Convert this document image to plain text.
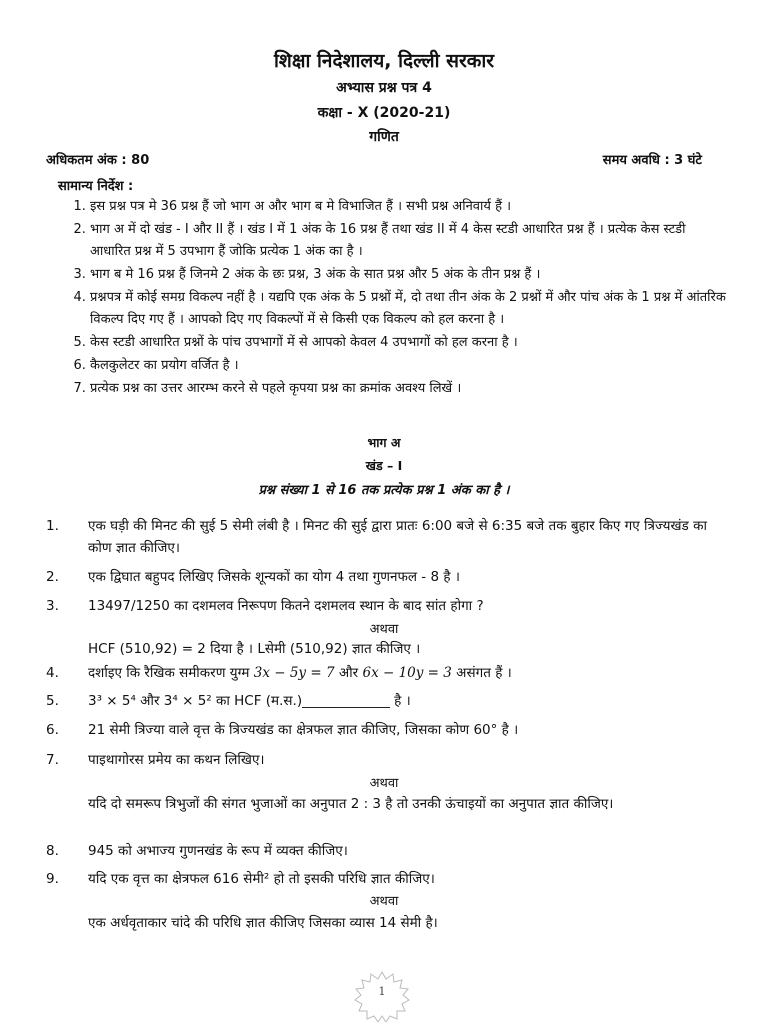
शिक्षा निदेशालय, दिल्ली सरकार
अभ्यास प्रश्न पत्र 4
कक्षा - X (2020-21)
गणित
अधिकतम अंक : 80	समय अवधि : 3 घंटे
सामान्य निर्देश :
1. इस प्रश्न पत्र मे 36 प्रश्न हैं जो भाग अ और भाग ब मे विभाजित हैं । सभी प्रश्न अनिवार्य हैं ।
2. भाग अ में दो खंड - I और II हैं । खंड I में 1 अंक के 16 प्रश्न हैं तथा खंड II में 4 केस स्टडी आधारित प्रश्न हैं । प्रत्येक केस स्टडी आधारित प्रश्न में 5 उपभाग हैं जोकि प्रत्येक 1 अंक का है ।
3. भाग ब मे 16 प्रश्न हैं जिनमे 2 अंक के छः प्रश्न, 3 अंक के सात प्रश्न और 5 अंक के तीन प्रश्न हैं ।
4. प्रश्नपत्र में कोई समग्र विकल्प नहीं है । यद्यपि एक अंक के 5 प्रश्नों में, दो तथा तीन अंक के 2 प्रश्नों में और पांच अंक के 1 प्रश्न में आंतरिक विकल्प दिए गए हैं । आपको दिए गए विकल्पों में से किसी एक विकल्प को हल करना है ।
5. केस स्टडी आधारित प्रश्नों के पांच उपभागों में से आपको केवल 4 उपभागों को हल करना है ।
6. कैलकुलेटर का प्रयोग वर्जित है ।
7. प्रत्येक प्रश्न का उत्तर आरम्भ करने से पहले कृपया प्रश्न का क्रमांक अवश्य लिखें ।
भाग अ
खंड – I
प्रश्न संख्या 1 से 16 तक प्रत्येक प्रश्न 1 अंक का है ।
1.	एक घड़ी की मिनट की सुई 5 सेमी लंबी है । मिनट की सुई द्वारा प्रातः 6:00 बजे से 6:35 बजे तक बुहार किए गए त्रिज्यखंड का कोण ज्ञात कीजिए।
2.	एक द्विघात बहुपद लिखिए जिसके शून्यकों का योग 4 तथा गुणनफल - 8 है ।
3.	13497/1250 का दशमलव निरूपण कितने दशमलव स्थान के बाद सांत होगा ?
अथवा
HCF (510,92) = 2 दिया है । Lसेमी (510,92) ज्ञात कीजिए ।
4.	दर्शाइए कि रैखिक समीकरण युग्म 3x − 5y = 7 और 6x − 10y = 3 असंगत हैं ।
5.	3³ × 5⁴ और 3⁴ × 5² का HCF (म.स.)_____________ है ।
6.	21 सेमी त्रिज्या वाले वृत्त के त्रिज्यखंड का क्षेत्रफल ज्ञात कीजिए, जिसका कोण 60° है ।
7.	पाइथागोरस प्रमेय का कथन लिखिए।
अथवा
यदि दो समरूप त्रिभुजों की संगत भुजाओं का अनुपात 2 : 3 है तो उनकी ऊंचाइयों का अनुपात ज्ञात कीजिए।
8.	945 को अभाज्य गुणनखंड के रूप में व्यक्त कीजिए।
9.	यदि एक वृत्त का क्षेत्रफल 616 सेमी² हो तो इसकी परिधि ज्ञात कीजिए।
अथवा
एक अर्धवृताकार चांदे की परिधि ज्ञात कीजिए जिसका व्यास 14 सेमी है।
1
